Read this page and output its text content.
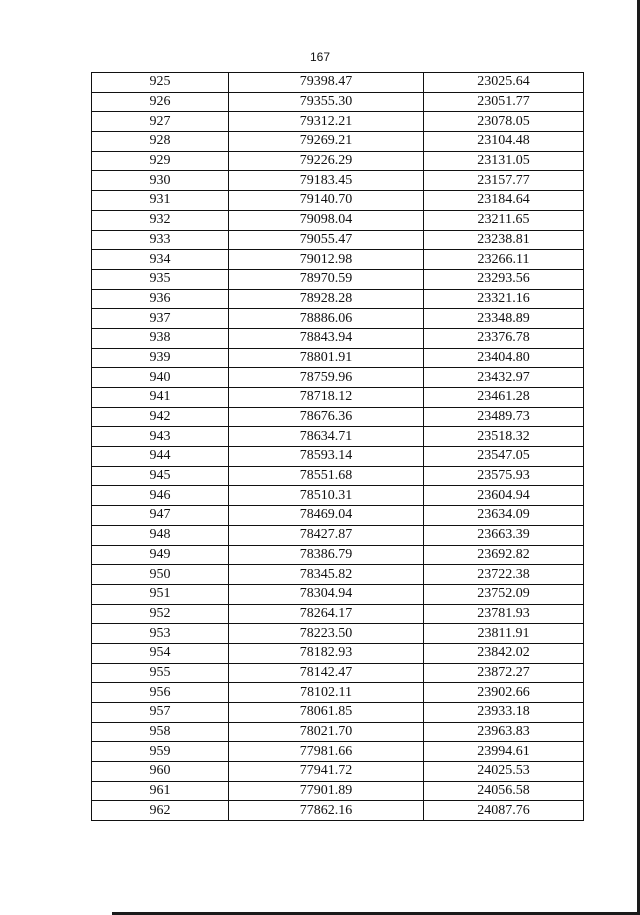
167
925	79398.47	23025.64
926	79355.30	23051.77
927	79312.21	23078.05
928	79269.21	23104.48
929	79226.29	23131.05
930	79183.45	23157.77
931	79140.70	23184.64
932	79098.04	23211.65
933	79055.47	23238.81
934	79012.98	23266.11
935	78970.59	23293.56
936	78928.28	23321.16
937	78886.06	23348.89
938	78843.94	23376.78
939	78801.91	23404.80
940	78759.96	23432.97
941	78718.12	23461.28
942	78676.36	23489.73
943	78634.71	23518.32
944	78593.14	23547.05
945	78551.68	23575.93
946	78510.31	23604.94
947	78469.04	23634.09
948	78427.87	23663.39
949	78386.79	23692.82
950	78345.82	23722.38
951	78304.94	23752.09
952	78264.17	23781.93
953	78223.50	23811.91
954	78182.93	23842.02
955	78142.47	23872.27
956	78102.11	23902.66
957	78061.85	23933.18
958	78021.70	23963.83
959	77981.66	23994.61
960	77941.72	24025.53
961	77901.89	24056.58
962	77862.16	24087.76
